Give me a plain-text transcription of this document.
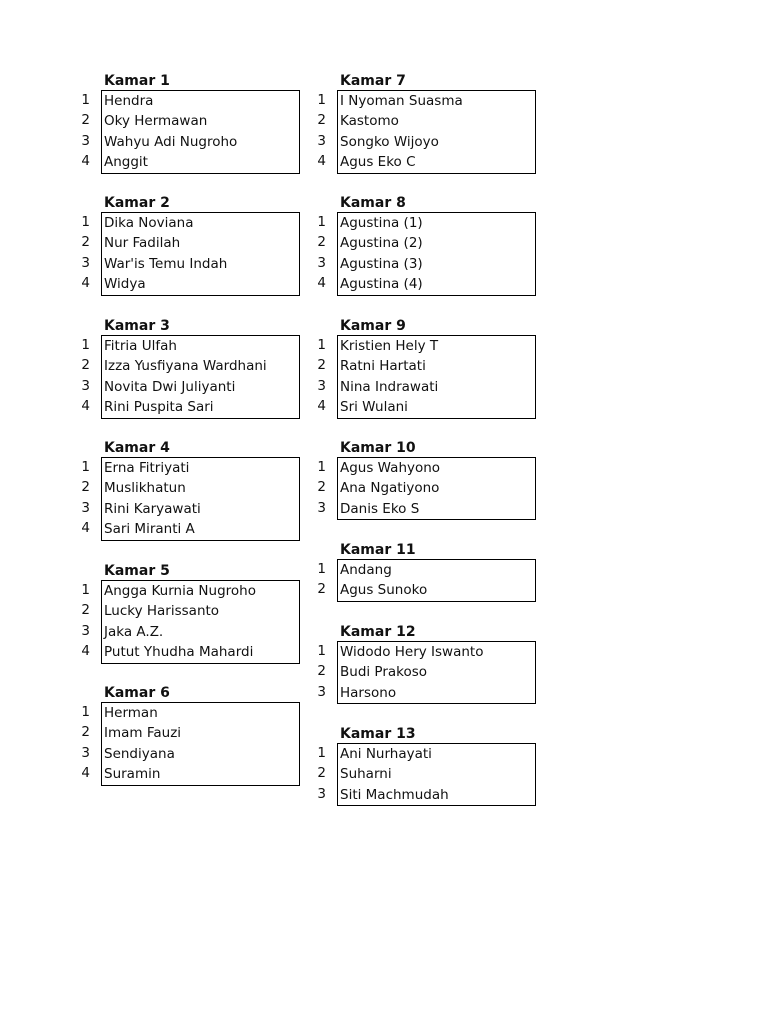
Kamar 1
1
2
3
4
Hendra
Oky Hermawan
Wahyu Adi Nugroho
Anggit
Kamar 2
1
2
3
4
Dika Noviana
Nur Fadilah
War'is Temu Indah
Widya
Kamar 3
1
2
3
4
Fitria Ulfah
Izza Yusfiyana Wardhani
Novita Dwi Juliyanti
Rini Puspita Sari
Kamar 4
1
2
3
4
Erna Fitriyati
Muslikhatun
Rini Karyawati
Sari Miranti A
Kamar 5
1
2
3
4
Angga Kurnia Nugroho
Lucky Harissanto
Jaka A.Z.
Putut Yhudha Mahardi
Kamar 6
1
2
3
4
Herman
Imam Fauzi
Sendiyana
Suramin
Kamar 7
1
2
3
4
I Nyoman Suasma
Kastomo
Songko Wijoyo
Agus Eko C
Kamar 8
1
2
3
4
Agustina (1)
Agustina (2)
Agustina (3)
Agustina (4)
Kamar 9
1
2
3
4
Kristien Hely T
Ratni Hartati
Nina Indrawati
Sri Wulani
Kamar 10
1
2
3
Agus Wahyono
Ana Ngatiyono
Danis Eko S
Kamar 11
1
2
Andang
Agus Sunoko
Kamar 12
1
2
3
Widodo Hery Iswanto
Budi Prakoso
Harsono
Kamar 13
1
2
3
Ani Nurhayati
Suharni
Siti Machmudah
